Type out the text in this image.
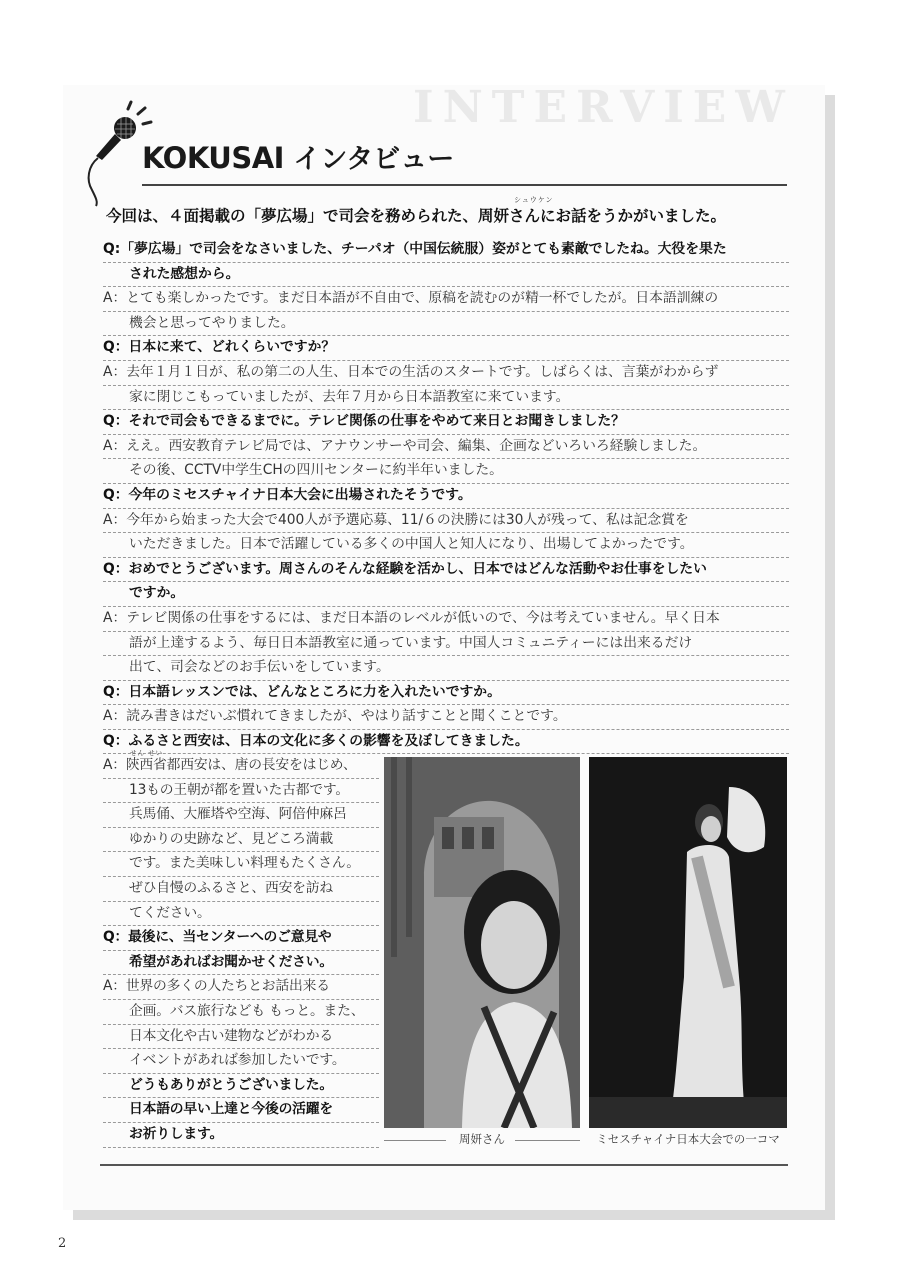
INTERVIEW
KOKUSAI インタビュー
シュウケン
今回は、４面掲載の「夢広場」で司会を務められた、周妍さんにお話をうかがいました。
Q:「夢広場」で司会をなさいました、チーパオ（中国伝統服）姿がとても素敵でしたね。大役を果た
された感想から。
A：とても楽しかったです。まだ日本語が不自由で、原稿を読むのが精一杯でしたが。日本語訓練の
機会と思ってやりました。
Q：日本に来て、どれくらいですか？
A：去年１月１日が、私の第二の人生、日本での生活のスタートです。しばらくは、言葉がわからず
家に閉じこもっていましたが、去年７月から日本語教室に来ています。
Q：それで司会もできるまでに。テレビ関係の仕事をやめて来日とお聞きしました？
A：ええ。西安教育テレビ局では、アナウンサーや司会、編集、企画などいろいろ経験しました。
その後、CCTV中学生CHの四川センターに約半年いました。
Q：今年のミセスチャイナ日本大会に出場されたそうです。
A：今年から始まった大会で400人が予選応募、11/６の決勝には30人が残って、私は記念賞を
いただきました。日本で活躍している多くの中国人と知人になり、出場してよかったです。
Q：おめでとうございます。周さんのそんな経験を活かし、日本ではどんな活動やお仕事をしたい
ですか。
A：テレビ関係の仕事をするには、まだ日本語のレベルが低いので、今は考えていません。早く日本
語が上達するよう、毎日日本語教室に通っています。中国人コミュニティーには出来るだけ
出て、司会などのお手伝いをしています。
Q：日本語レッスンでは、どんなところに力を入れたいですか。
A：読み書きはだいぶ慣れてきましたが、やはり話すことと聞くことです。
Q：ふるさと西安は、日本の文化に多くの影響を及ぼしてきました。
せん せい
A：陝西省都西安は、唐の長安をはじめ、
13もの王朝が都を置いた古都です。
兵馬俑、大雁塔や空海、阿倍仲麻呂
ゆかりの史跡など、見どころ満載
です。また美味しい料理もたくさん。
ぜひ自慢のふるさと、西安を訪ね
てください。
Q：最後に、当センターへのご意見や
希望があればお聞かせください。
A：世界の多くの人たちとお話出来る
企画。バス旅行なども もっと。また、
日本文化や古い建物などがわかる
イベントがあれば参加したいです。
どうもありがとうございました。
日本語の早い上達と今後の活躍を
お祈りします。	周妍さん	ミセスチャイナ日本大会での一コマ
2
